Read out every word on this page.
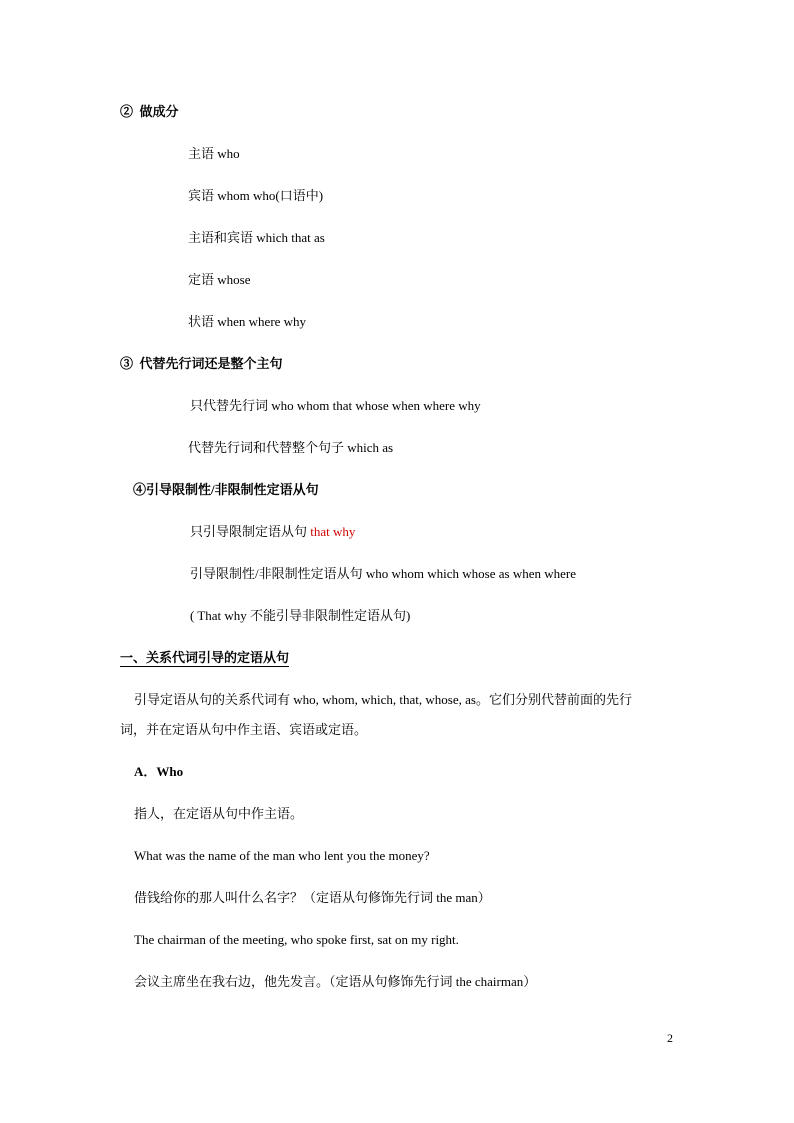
② 做成分
主语 who
宾语 whom who(口语中)
主语和宾语 which that as
定语 whose
状语 when where why
③ 代替先行词还是整个主句
只代替先行词 who whom that whose when where why
代替先行词和代替整个句子 which as
④引导限制性/非限制性定语从句
只引导限制定语从句 that why
引导限制性/非限制性定语从句 who whom which whose as when where
( That why 不能引导非限制性定语从句)
一、关系代词引导的定语从句
引导定语从句的关系代词有 who, whom, which, that, whose, as。它们分别代替前面的先行
词，并在定语从句中作主语、宾语或定语。
A．Who
指人，在定语从句中作主语。
What was the name of the man who lent you the money?
借钱给你的那人叫什么名字？（定语从句修饰先行词 the man）
The chairman of the meeting, who spoke first, sat on my right.
会议主席坐在我右边，他先发言。（定语从句修饰先行词 the chairman）
2
